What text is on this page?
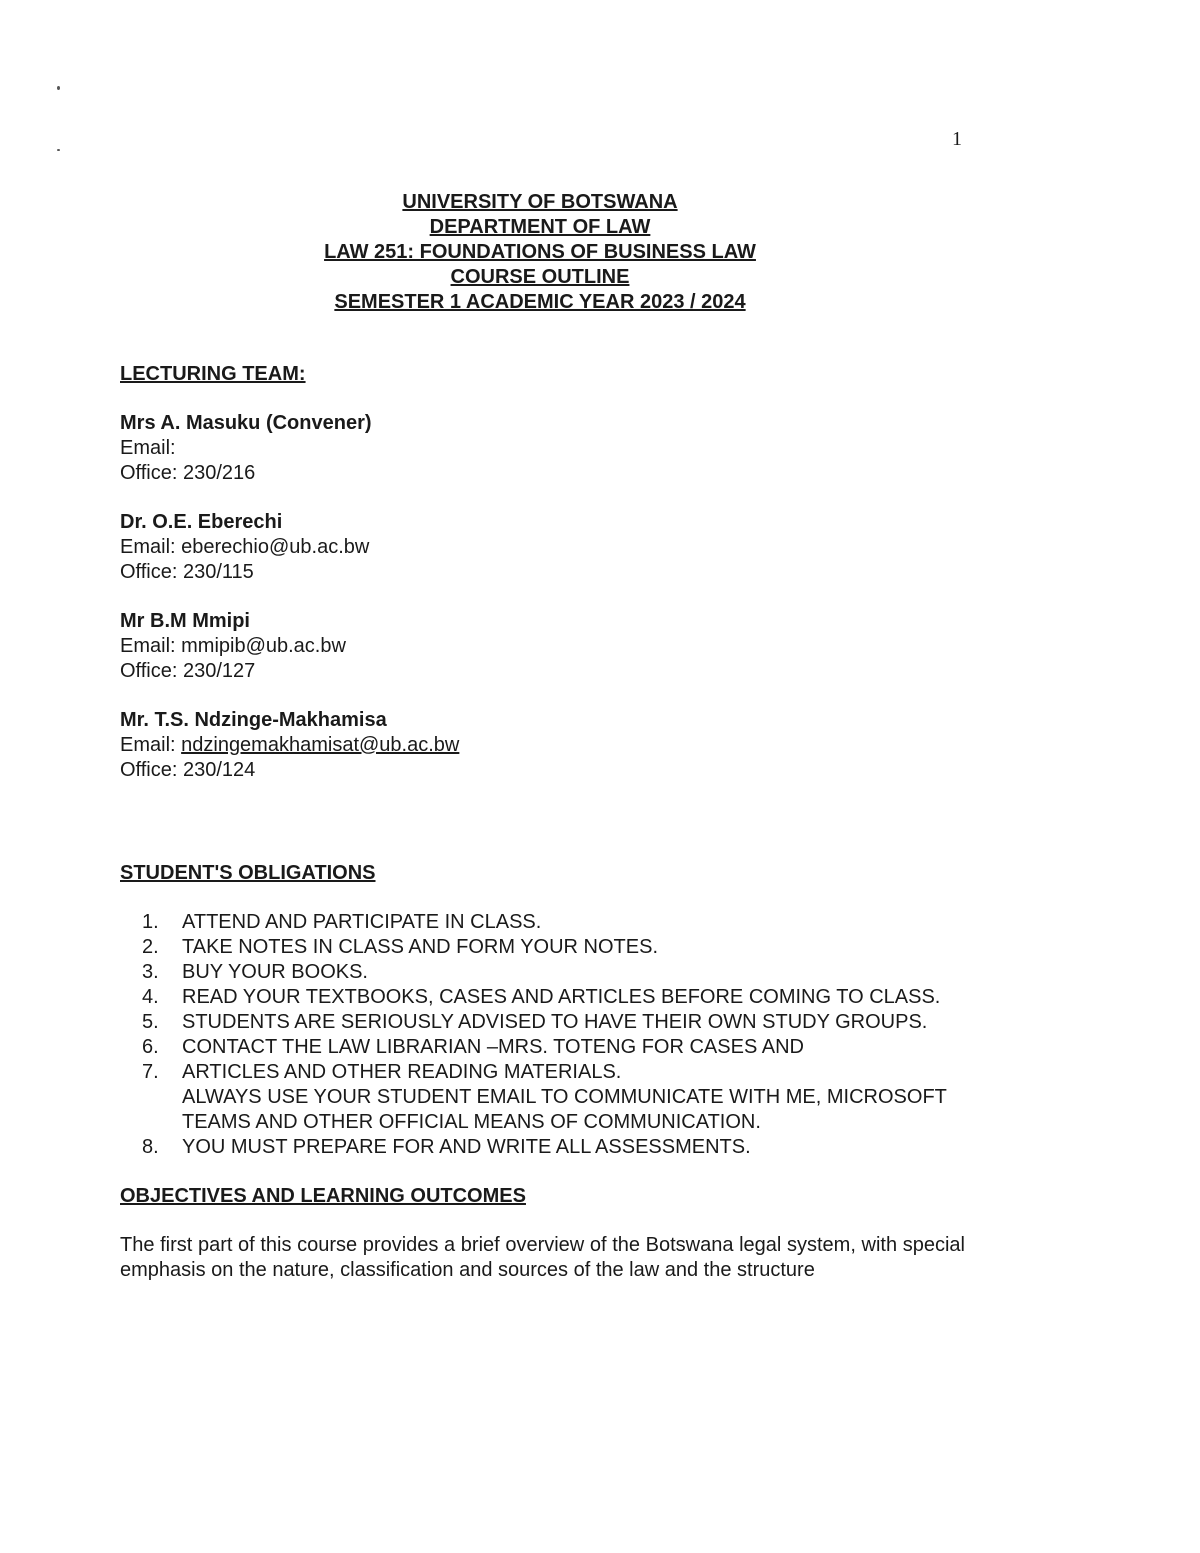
1
UNIVERSITY OF BOTSWANA
DEPARTMENT OF LAW
LAW 251: FOUNDATIONS OF BUSINESS LAW
COURSE OUTLINE
SEMESTER 1 ACADEMIC YEAR 2023 / 2024

LECTURING TEAM:

Mrs A. Masuku (Convener)
Email:
Office: 230/216
Dr. O.E. Eberechi
Email: eberechio@ub.ac.bw
Office: 230/115
Mr B.M Mmipi
Email: mmipib@ub.ac.bw
Office: 230/127
Mr. T.S. Ndzinge-Makhamisa
Email: ndzingemakhamisat@ub.ac.bw
Office: 230/124

STUDENT'S OBLIGATIONS

1.	ATTEND AND PARTICIPATE IN CLASS.
2.	TAKE NOTES IN CLASS AND FORM YOUR NOTES.
3.	BUY YOUR BOOKS.
4.	READ YOUR TEXTBOOKS, CASES AND ARTICLES BEFORE COMING TO CLASS.
5.	STUDENTS ARE SERIOUSLY ADVISED TO HAVE THEIR OWN STUDY GROUPS.
6.	CONTACT THE LAW LIBRARIAN –MRS. TOTENG FOR CASES AND
7.	ARTICLES AND OTHER READING MATERIALS.
ALWAYS USE YOUR STUDENT EMAIL TO COMMUNICATE WITH ME, MICROSOFT TEAMS AND OTHER OFFICIAL MEANS OF COMMUNICATION.
8.	YOU MUST PREPARE FOR AND WRITE ALL ASSESSMENTS.

OBJECTIVES AND LEARNING OUTCOMES

The first part of this course provides a brief overview of the Botswana legal system, with special emphasis on the nature, classification and sources of the law and the structure
